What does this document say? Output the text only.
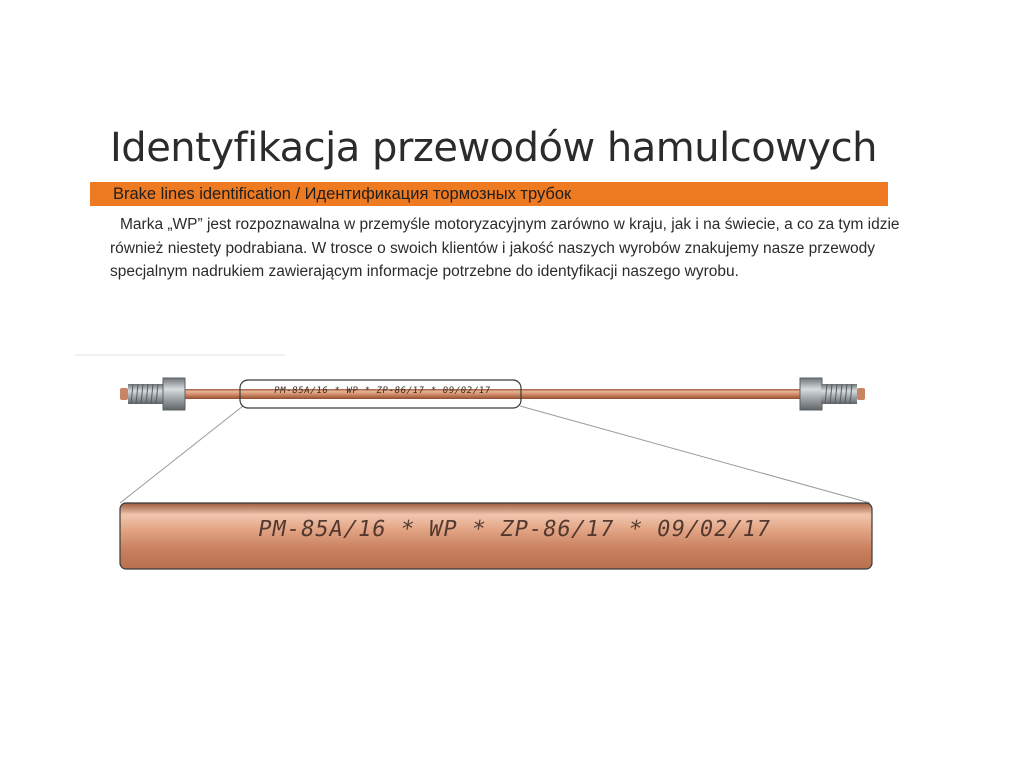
Identyfikacja przewodów hamulcowych
Brake lines identification / Идентификация тормозных трубок
Marka „WP” jest rozpoznawalna w przemyśle motoryzacyjnym zarówno w kraju, jak i na świecie, a co za tym idzie również niestety podrabiana. W trosce o swoich klientów i jakość naszych wyrobów znakujemy nasze przewody specjalnym nadrukiem zawierającym informacje potrzebne do identyfikacji naszego wyrobu.
PM-85A/16 * WP * ZP-86/17 * 09/02/17
PM-85A/16 * WP * ZP-86/17 * 09/02/17
